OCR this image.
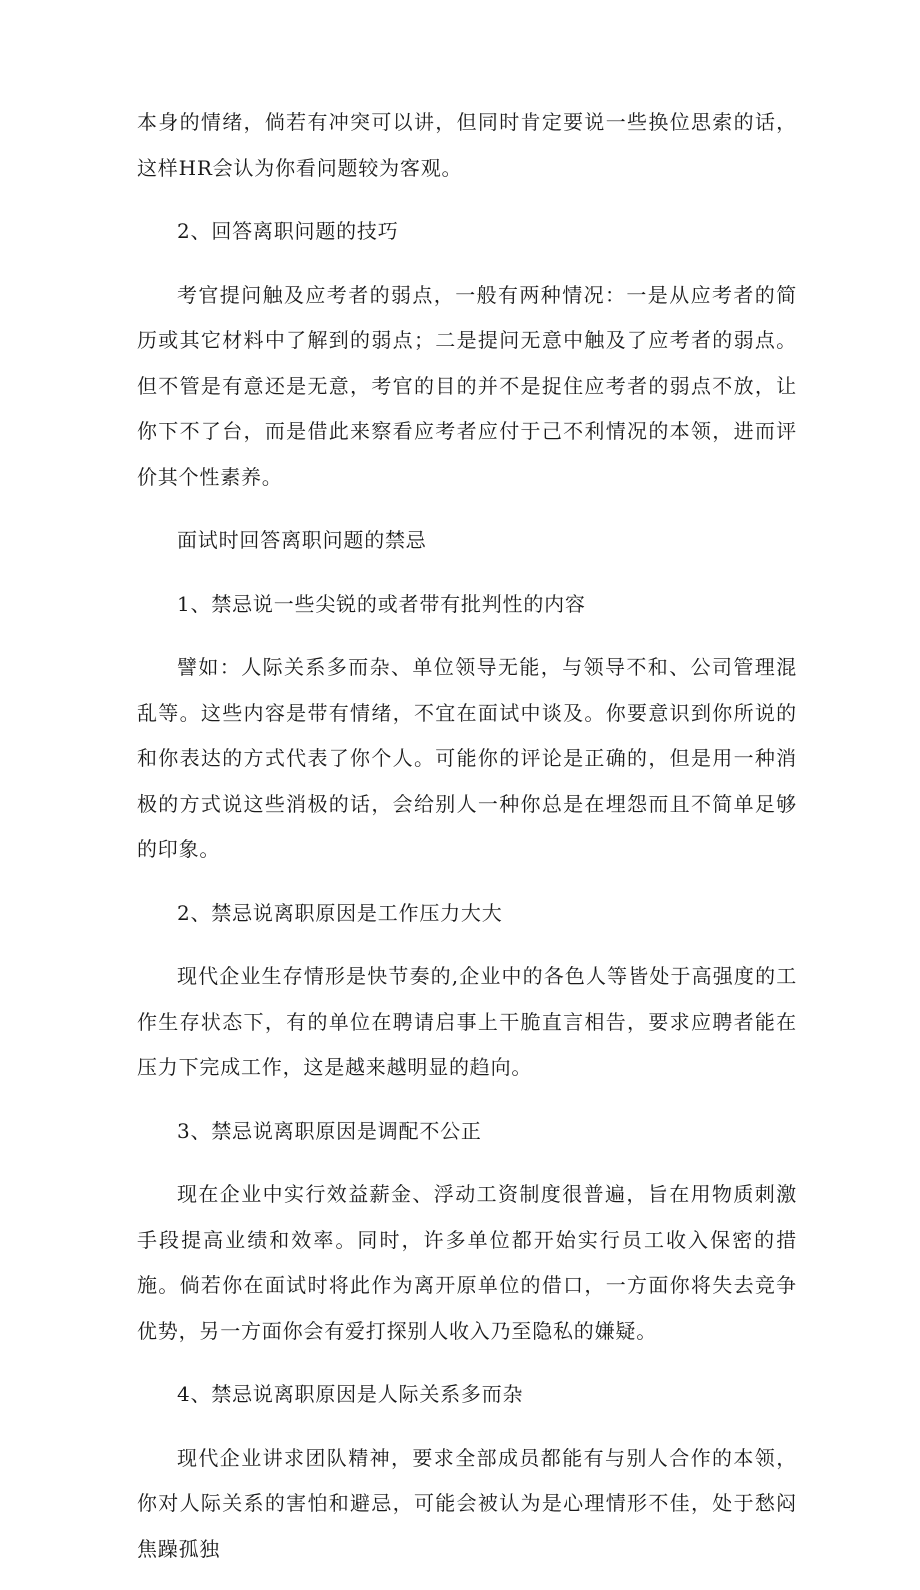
本身的情绪，倘若有冲突可以讲，但同时肯定要说一些换位思索的话，这样HR会认为你看问题较为客观。

2、回答离职问题的技巧

考官提问触及应考者的弱点，一般有两种情况：一是从应考者的简历或其它材料中了解到的弱点；二是提问无意中触及了应考者的弱点。但不管是有意还是无意，考官的目的并不是捉住应考者的弱点不放，让你下不了台，而是借此来察看应考者应付于己不利情况的本领，进而评价其个性素养。

面试时回答离职问题的禁忌

1、禁忌说一些尖锐的或者带有批判性的内容

譬如：人际关系多而杂、单位领导无能，与领导不和、公司管理混乱等。这些内容是带有情绪，不宜在面试中谈及。你要意识到你所说的和你表达的方式代表了你个人。可能你的评论是正确的，但是用一种消极的方式说这些消极的话，会给别人一种你总是在埋怨而且不简单足够的印象。

2、禁忌说离职原因是工作压力大大

现代企业生存情形是快节奏的,企业中的各色人等皆处于高强度的工作生存状态下，有的单位在聘请启事上干脆直言相告，要求应聘者能在压力下完成工作，这是越来越明显的趋向。

3、禁忌说离职原因是调配不公正

现在企业中实行效益薪金、浮动工资制度很普遍，旨在用物质刺激手段提高业绩和效率。同时，许多单位都开始实行员工收入保密的措施。倘若你在面试时将此作为离开原单位的借口，一方面你将失去竞争优势，另一方面你会有爱打探别人收入乃至隐私的嫌疑。

4、禁忌说离职原因是人际关系多而杂

现代企业讲求团队精神，要求全部成员都能有与别人合作的本领，你对人际关系的害怕和避忌，可能会被认为是心理情形不佳，处于愁闷焦躁孤独
